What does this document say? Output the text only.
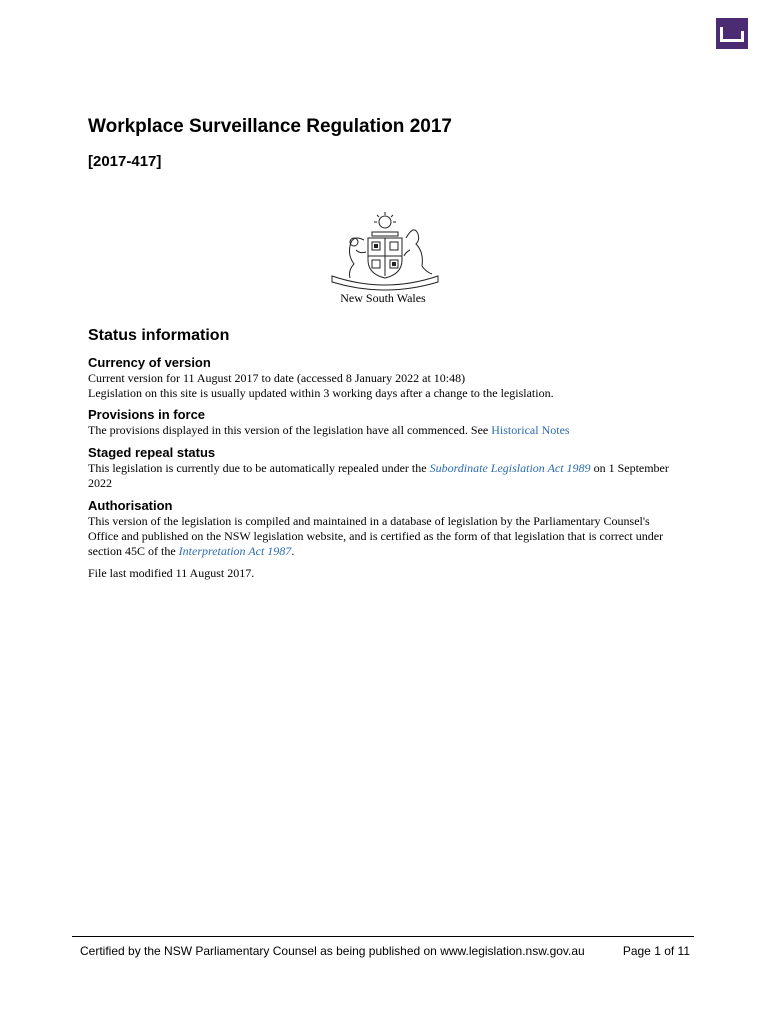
Workplace Surveillance Regulation 2017
[2017-417]
New South Wales
Status information
Currency of version

Current version for 11 August 2017 to date (accessed 8 January 2022 at 10:48)

Legislation on this site is usually updated within 3 working days after a change to the legislation.

Provisions in force

The provisions displayed in this version of the legislation have all commenced. See Historical Notes

Staged repeal status

This legislation is currently due to be automatically repealed under the Subordinate Legislation Act 1989 on 1 September 2022

Authorisation

This version of the legislation is compiled and maintained in a database of legislation by the Parliamentary Counsel's Office and published on the NSW legislation website, and is certified as the form of that legislation that is correct under section 45C of the Interpretation Act 1987.

File last modified 11 August 2017.

Certified by the NSW Parliamentary Counsel as being published on www.legislation.nsw.gov.au	Page 1 of 11
